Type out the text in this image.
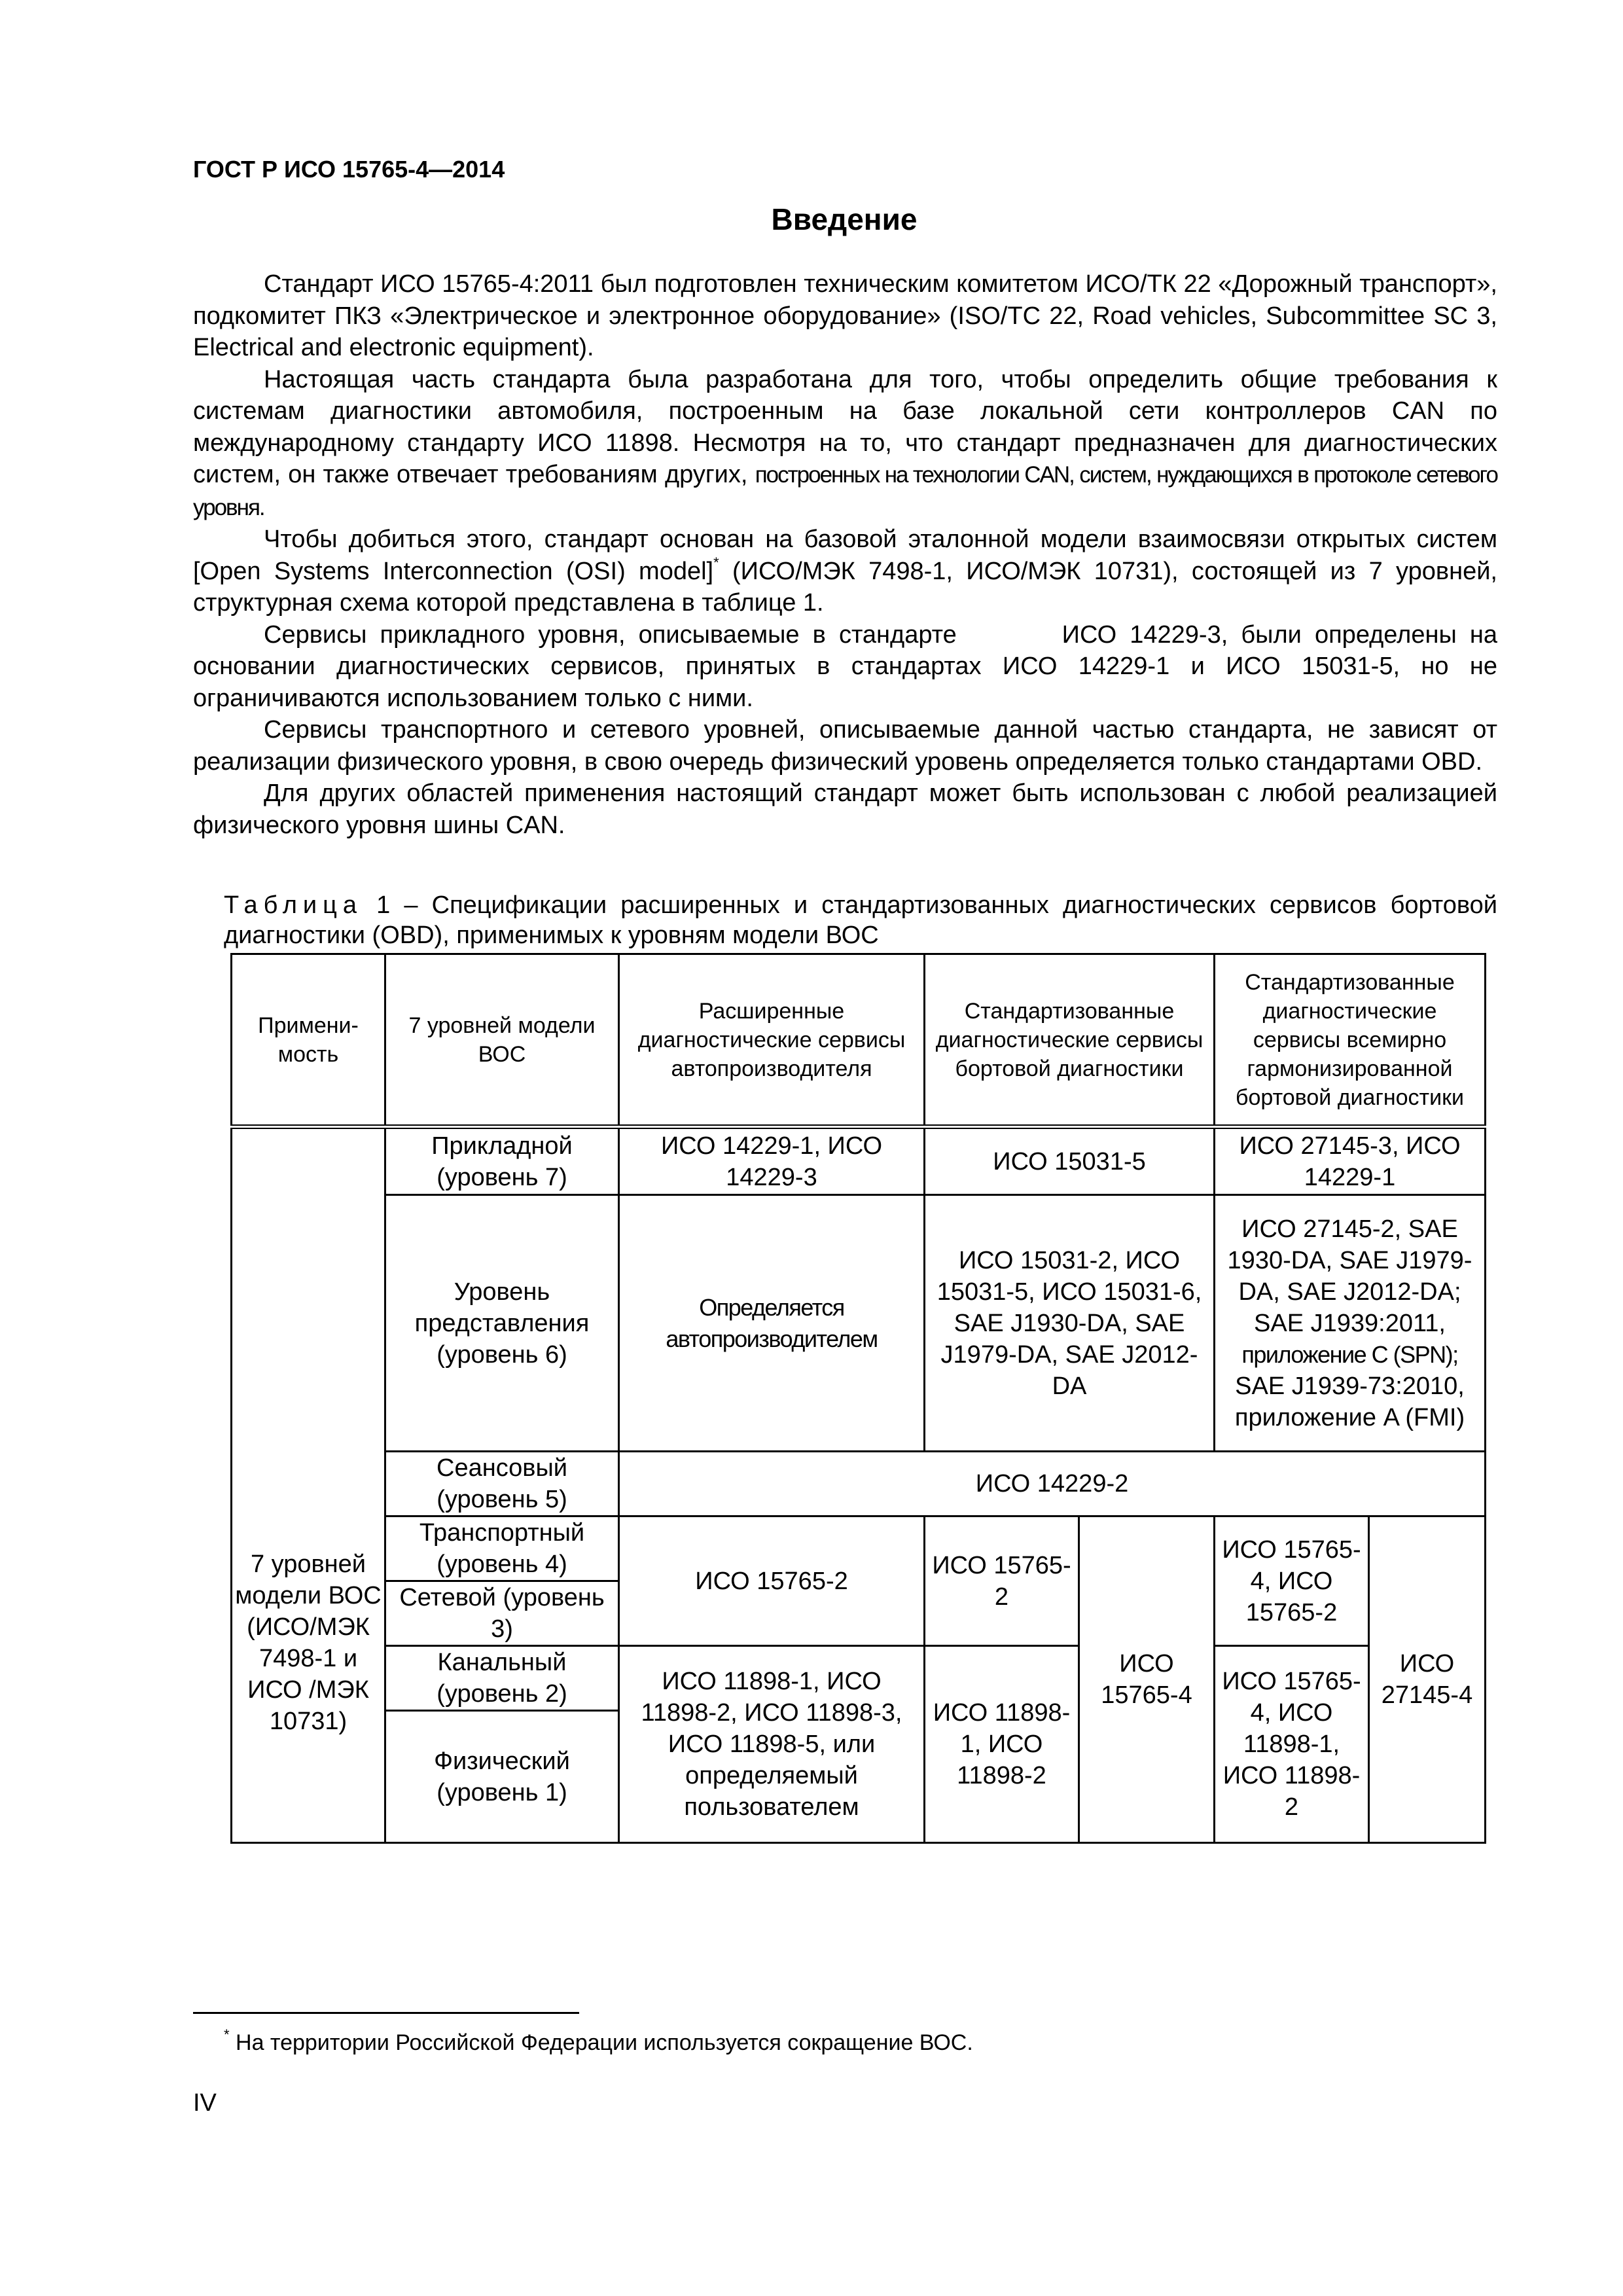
ГОСТ Р ИСО 15765-4—2014
Введение

Стандарт ИСО 15765-4:2011 был подготовлен техническим комитетом ИСО/ТК 22 «Дорожный транспорт», подкомитет ПКЗ «Электрическое и электронное оборудование» (ISO/TC 22, Road vehicles, Subcommittee SC 3, Electrical and electronic equipment).

Настоящая часть стандарта была разработана для того, чтобы определить общие требования к системам диагностики автомобиля, построенным на базе локальной сети контроллеров CAN по международному стандарту ИСО 11898. Несмотря на то, что стандарт предназначен для диагностических систем, он также отвечает требованиям других, построенных на технологии CAN, систем, нуждающихся в протоколе сетевого уровня.

Чтобы добиться этого, стандарт основан на базовой эталонной модели взаимосвязи открытых систем [Open Systems Interconnection (OSI) model]* (ИСО/МЭК 7498-1, ИСО/МЭК 10731), состоящей из 7 уровней, структурная схема которой представлена в таблице 1.

Сервисы прикладного уровня, описываемые в стандарте        ИСО 14229-3, были определены на основании диагностических сервисов, принятых в стандартах ИСО 14229-1 и ИСО 15031-5, но не ограничиваются использованием только с ними.

Сервисы транспортного и сетевого уровней, описываемые данной частью стандарта, не зависят от реализации физического уровня, в свою очередь физический уровень определяется только стандартами OBD.

Для других областей применения настоящий стандарт может быть использован с любой реализацией физического уровня шины CAN.

Таблица 1 – Спецификации расширенных и стандартизованных диагностических сервисов бортовой диагностики (OBD), применимых к уровням модели ВОС
Примени-мость	7 уровней модели ВОС	Расширенные диагностические сервисы автопроизводителя	Стандартизованные диагностические сервисы бортовой диагностики		Стандартизованные диагностические сервисы всемирно гармонизированной бортовой диагностики	
7 уровней модели ВОС (ИСО/МЭК 7498-1 и ИСО /МЭК 10731)	Прикладной (уровень 7)	ИСО 14229-1, ИСО 14229-3	ИСО 15031-5		ИСО 27145-3, ИСО 14229-1	
	Уровень представления (уровень 6)	Определяется автопроизводителем	ИСО 15031-2, ИСО 15031-5, ИСО 15031-6, SAE J1930-DA, SAE J1979-DA, SAE J2012-DA		ИСО 27145-2, SAE 1930-DA, SAE J1979-DA, SAE J2012-DA; SAE J1939:2011, приложение C (SPN); SAE J1939-73:2010, приложение A (FMI)	
	Сеансовый (уровень 5)	ИСО 14229-2				
	Транспортный (уровень 4)	ИСО 15765-2	ИСО 15765-2	ИСО 15765-4	ИСО 15765-4, ИСО 15765-2	ИСО 27145-4
	Сетевой (уровень 3)					
	Канальный (уровень 2)	ИСО 11898-1, ИСО 11898-2, ИСО 11898-3, ИСО 11898-5, или определяемый пользователем	ИСО 11898-1, ИСО 11898-2		ИСО 15765-4, ИСО 11898-1, ИСО 11898-2	
	Физический (уровень 1)					
* На территории Российской Федерации используется сокращение ВОС.
IV
